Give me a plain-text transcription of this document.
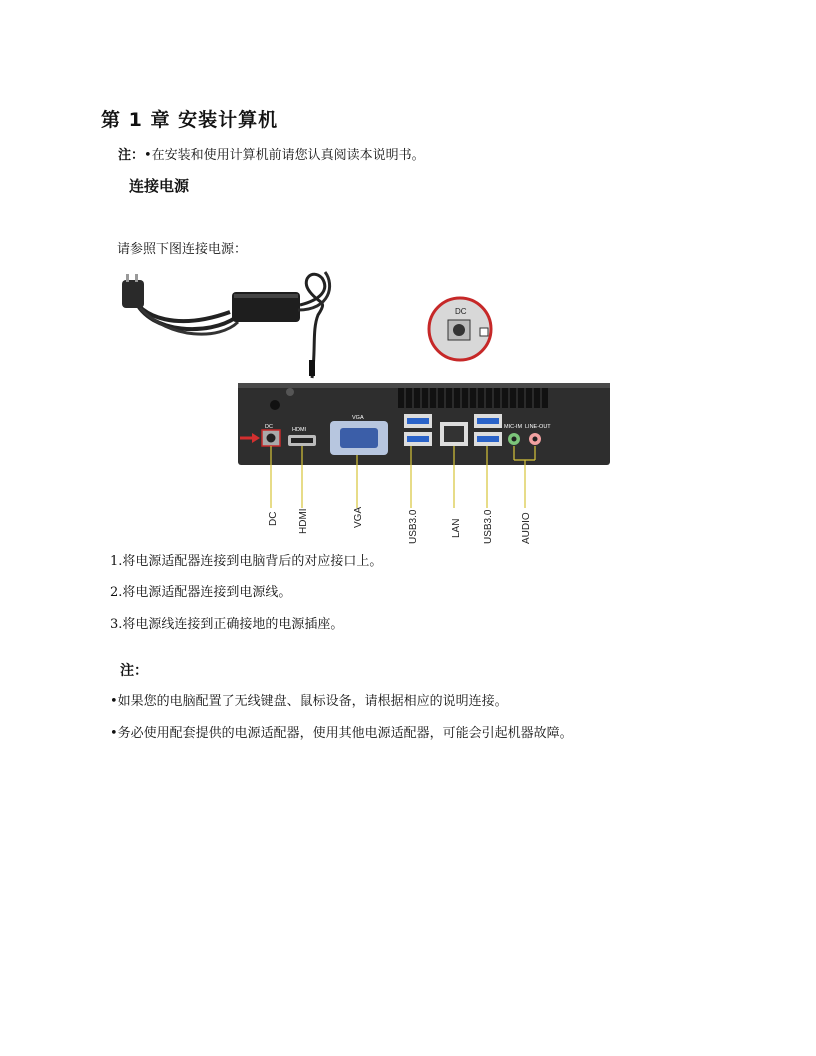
第 1 章 安装计算机
注：•在安装和使用计算机前请您认真阅读本说明书。
连接电源
请参照下图连接电源：
DC
DC	HDMI
VGA
MIC-IM LINE-OUT
DC HDMI	VGA	USB3.0	LAN USB3.0	AUDIO
1.将电源适配器连接到电脑背后的对应接口上。
2.将电源适配器连接到电源线。
3.将电源线连接到正确接地的电源插座。
注：
•如果您的电脑配置了无线键盘、鼠标设备，请根据相应的说明连接。
•务必使用配套提供的电源适配器，使用其他电源适配器，可能会引起机器故障。
